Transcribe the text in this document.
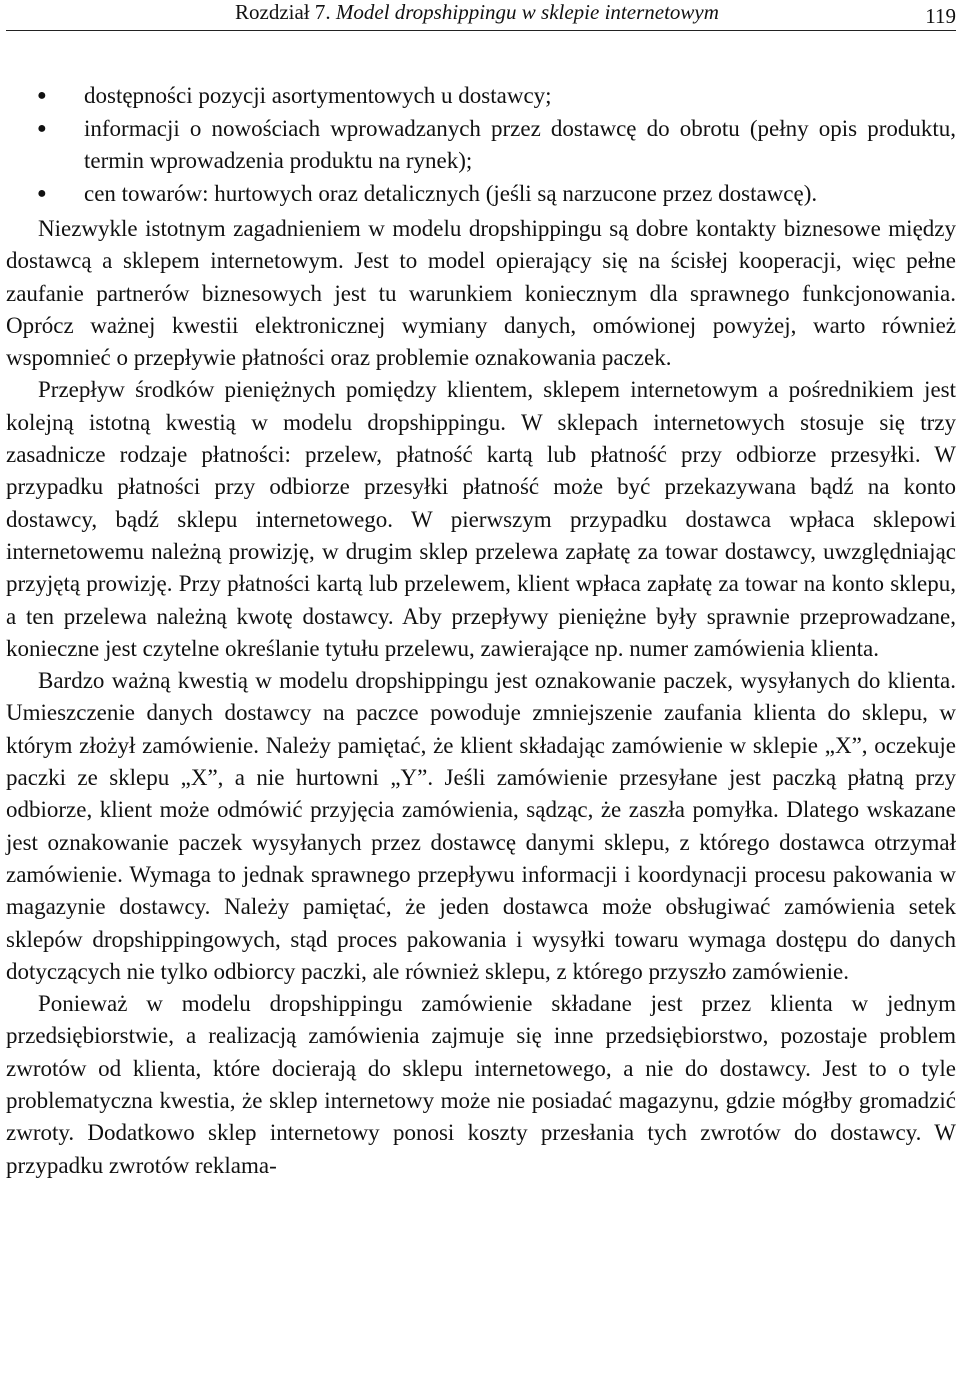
Rozdział 7. Model dropshippingu w sklepie internetowym	119
● dostępności pozycji asortymentowych u dostawcy;
● informacji o nowościach wprowadzanych przez dostawcę do obrotu (pełny opis produktu, termin wprowadzenia produktu na rynek);
● cen towarów: hurtowych oraz detalicznych (jeśli są narzucone przez dostawcę).

Niezwykle istotnym zagadnieniem w modelu dropshippingu są dobre kontakty biznesowe między dostawcą a sklepem internetowym. Jest to model opierający się na ścisłej kooperacji, więc pełne zaufanie partnerów biznesowych jest tu warunkiem koniecznym dla sprawnego funkcjonowania. Oprócz ważnej kwestii elektronicznej wymiany danych, omówionej powyżej, warto również wspomnieć o przepływie płatności oraz problemie oznakowania paczek.

Przepływ środków pieniężnych pomiędzy klientem, sklepem internetowym a pośrednikiem jest kolejną istotną kwestią w modelu dropshippingu. W sklepach internetowych stosuje się trzy zasadnicze rodzaje płatności: przelew, płatność kartą lub płatność przy odbiorze przesyłki. W przypadku płatności przy odbiorze przesyłki płatność może być przekazywana bądź na konto dostawcy, bądź sklepu internetowego. W pierwszym przypadku dostawca wpłaca sklepowi internetowemu należną prowizję, w drugim sklep przelewa zapłatę za towar dostawcy, uwzględniając przyjętą prowizję. Przy płatności kartą lub przelewem, klient wpłaca zapłatę za towar na konto sklepu, a ten przelewa należną kwotę dostawcy. Aby przepływy pieniężne były sprawnie przeprowadzane, konieczne jest czytelne określanie tytułu przelewu, zawierające np. numer zamówienia klienta.

Bardzo ważną kwestią w modelu dropshippingu jest oznakowanie paczek, wysyłanych do klienta. Umieszczenie danych dostawcy na paczce powoduje zmniejszenie zaufania klienta do sklepu, w którym złożył zamówienie. Należy pamiętać, że klient składając zamówienie w sklepie „X”, oczekuje paczki ze sklepu „X”, a nie hurtowni „Y”. Jeśli zamówienie przesyłane jest paczką płatną przy odbiorze, klient może odmówić przyjęcia zamówienia, sądząc, że zaszła pomyłka. Dlatego wskazane jest oznakowanie paczek wysyłanych przez dostawcę danymi sklepu, z którego dostawca otrzymał zamówienie. Wymaga to jednak sprawnego przepływu informacji i koordynacji procesu pakowania w magazynie dostawcy. Należy pamiętać, że jeden dostawca może obsługiwać zamówienia setek sklepów dropshippingowych, stąd proces pakowania i wysyłki towaru wymaga dostępu do danych dotyczących nie tylko odbiorcy paczki, ale również sklepu, z którego przyszło zamówienie.

Ponieważ w modelu dropshippingu zamówienie składane jest przez klienta w jednym przedsiębiorstwie, a realizacją zamówienia zajmuje się inne przedsiębiorstwo, pozostaje problem zwrotów od klienta, które docierają do sklepu internetowego, a nie do dostawcy. Jest to o tyle problematyczna kwestia, że sklep internetowy może nie posiadać magazynu, gdzie mógłby gromadzić zwroty. Dodatkowo sklep internetowy ponosi koszty przesłania tych zwrotów do dostawcy. W przypadku zwrotów reklama-
